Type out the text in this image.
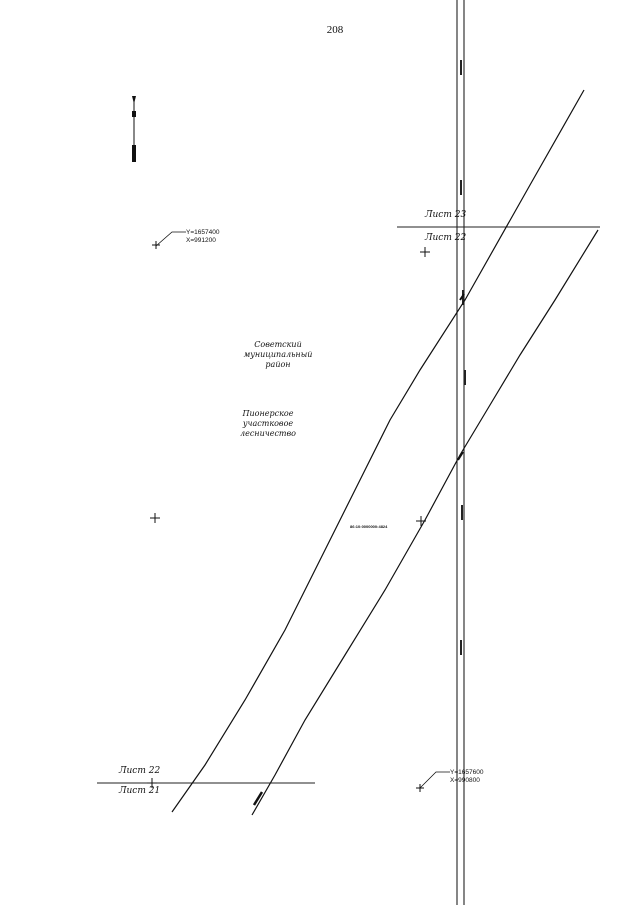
208
Лист 23
Лист 22
Лист 22
Лист 21
Y=1657400
X=991200
Y=1657600
X=990800
Советский
муниципальный
район
Пионерское
участковое
лесничество
86:10:0000000:4824
